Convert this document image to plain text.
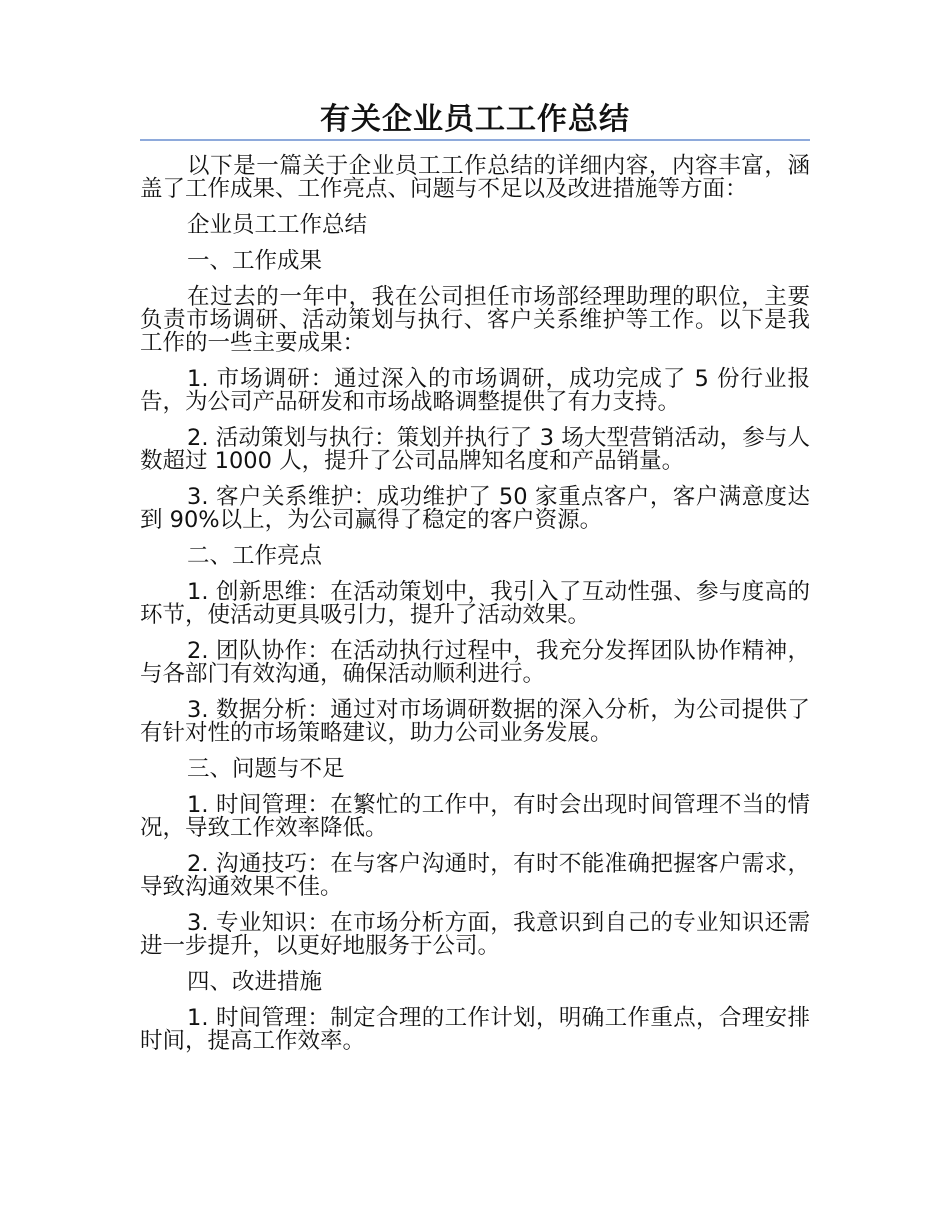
有关企业员工工作总结

以下是一篇关于企业员工工作总结的详细内容，内容丰富，涵盖了工作成果、工作亮点、问题与不足以及改进措施等方面：

企业员工工作总结

一、工作成果

在过去的一年中，我在公司担任市场部经理助理的职位，主要负责市场调研、活动策划与执行、客户关系维护等工作。以下是我工作的一些主要成果：

1. 市场调研：通过深入的市场调研，成功完成了 5 份行业报告，为公司产品研发和市场战略调整提供了有力支持。

2. 活动策划与执行：策划并执行了 3 场大型营销活动，参与人数超过 1000 人，提升了公司品牌知名度和产品销量。

3. 客户关系维护：成功维护了 50 家重点客户，客户满意度达到 90%以上，为公司赢得了稳定的客户资源。

二、工作亮点

1. 创新思维：在活动策划中，我引入了互动性强、参与度高的环节，使活动更具吸引力，提升了活动效果。

2. 团队协作：在活动执行过程中，我充分发挥团队协作精神，与各部门有效沟通，确保活动顺利进行。

3. 数据分析：通过对市场调研数据的深入分析，为公司提供了有针对性的市场策略建议，助力公司业务发展。

三、问题与不足

1. 时间管理：在繁忙的工作中，有时会出现时间管理不当的情况，导致工作效率降低。

2. 沟通技巧：在与客户沟通时，有时不能准确把握客户需求，导致沟通效果不佳。

3. 专业知识：在市场分析方面，我意识到自己的专业知识还需进一步提升，以更好地服务于公司。

四、改进措施

1. 时间管理：制定合理的工作计划，明确工作重点，合理安排时间，提高工作效率。
